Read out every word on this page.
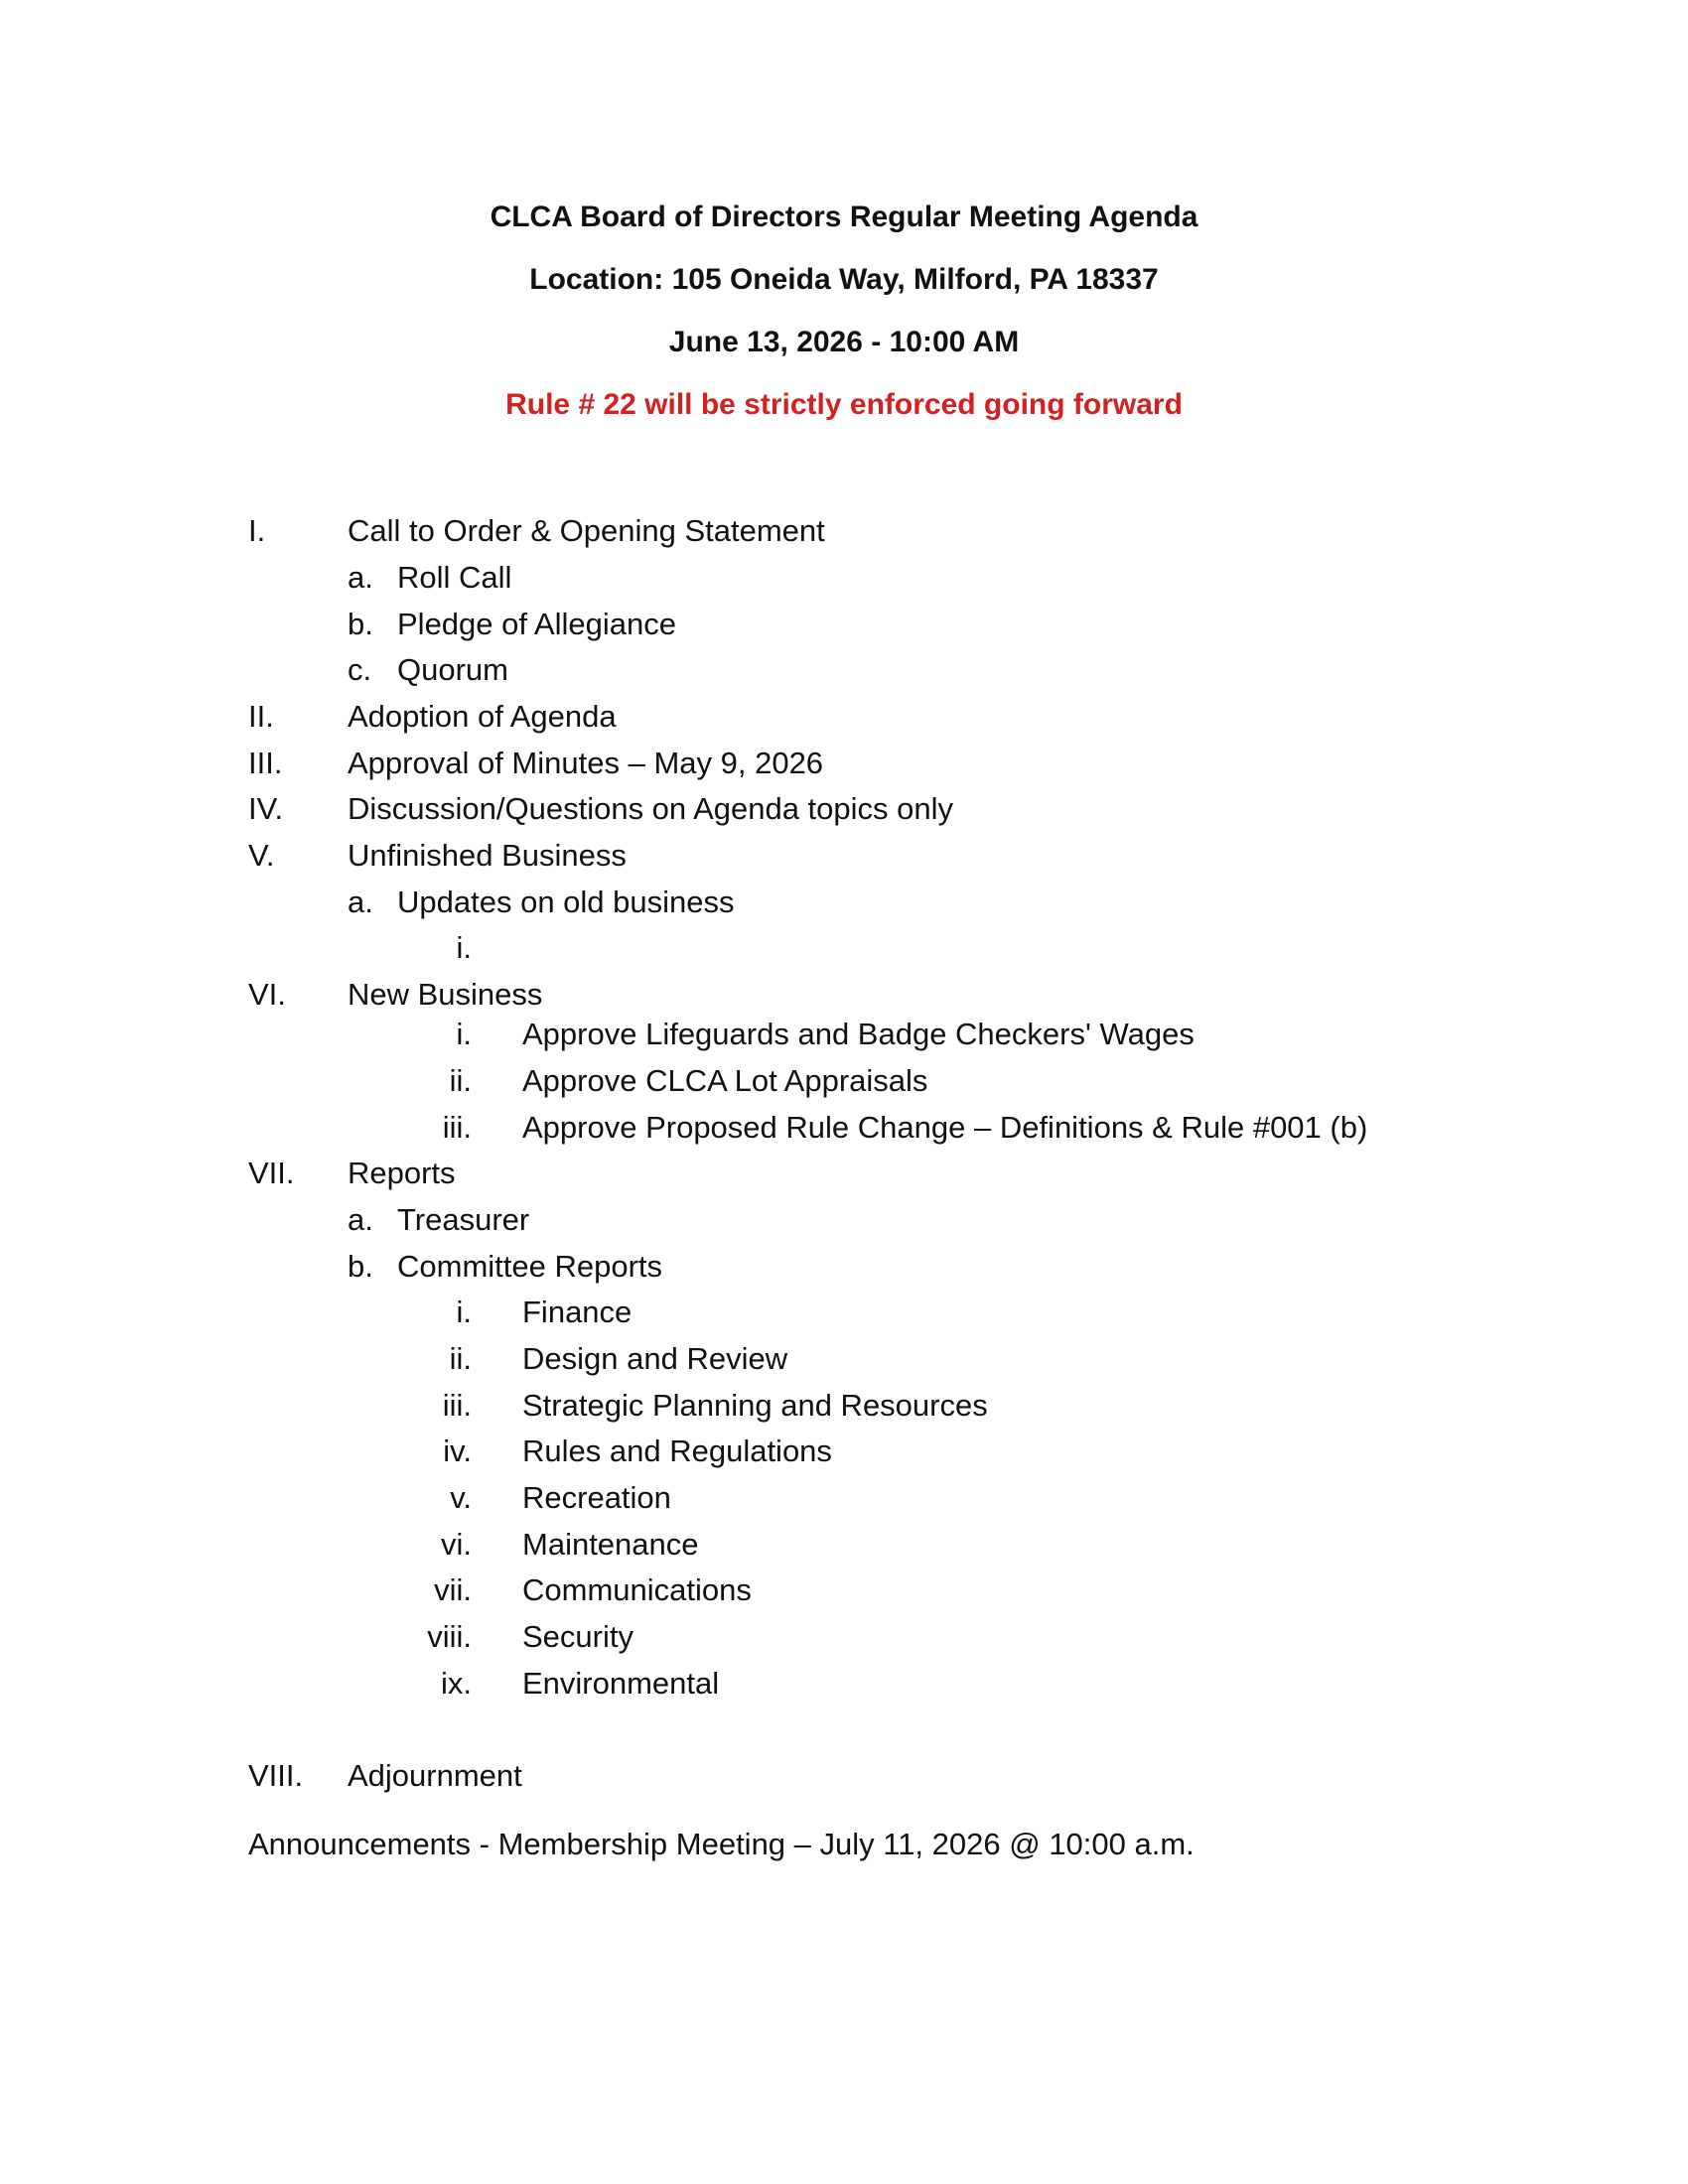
CLCA Board of Directors Regular Meeting Agenda
Location: 105 Oneida Way, Milford, PA 18337
June 13, 2026 - 10:00 AM
Rule # 22 will be strictly enforced going forward
I.	Call to Order & Opening Statement
a. Roll Call
b. Pledge of Allegiance
c. Quorum
II. Adoption of Agenda
III. Approval of Minutes – May 9, 2026
IV. Discussion/Questions on Agenda topics only
V. Unfinished Business
a. Updates on old business
i.
VI. New Business
i. Approve Lifeguards and Badge Checkers' Wages
ii. Approve CLCA Lot Appraisals
iii. Approve Proposed Rule Change – Definitions & Rule #001 (b)
VII. Reports
a. Treasurer
b. Committee Reports
i. Finance
ii. Design and Review
iii. Strategic Planning and Resources
iv. Rules and Regulations
v. Recreation
vi. Maintenance
vii. Communications
viii. Security
ix. Environmental
VIII. Adjournment
Announcements - Membership Meeting – July 11, 2026 @ 10:00 a.m.
